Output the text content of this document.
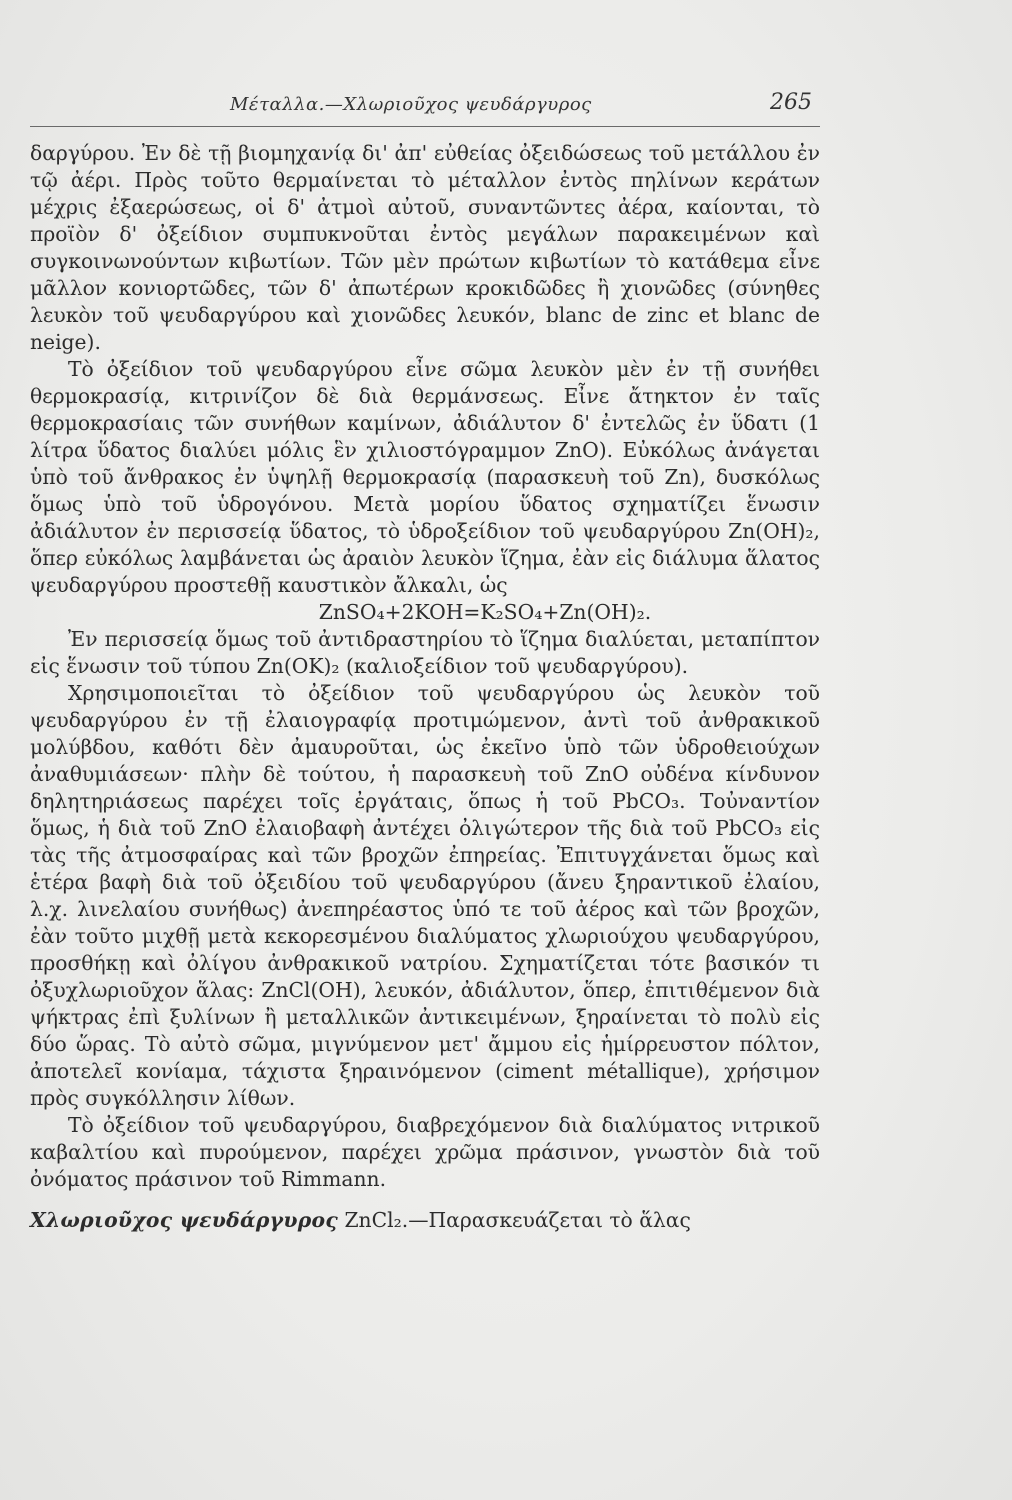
Μέταλλα.—Χλωριοῦχος ψευδάργυρος	265

δαργύρου. Ἐν δὲ τῇ βιομηχανίᾳ δι' ἀπ' εὐθείας ὀξειδώσεως τοῦ μετάλλου ἐν τῷ ἀέρι. Πρὸς τοῦτο θερμαίνεται τὸ μέταλλον ἐντὸς πηλίνων κεράτων μέχρις ἐξαερώσεως, οἱ δ' ἀτμοὶ αὐτοῦ, συναντῶντες ἀέρα, καίονται, τὸ προϊὸν δ' ὀξείδιον συμπυκνοῦται ἐντὸς μεγάλων παρακειμένων καὶ συγκοινωνούντων κιβωτίων. Τῶν μὲν πρώτων κιβωτίων τὸ κατάθεμα εἶνε μᾶλλον κονιορτῶδες, τῶν δ' ἀπωτέρων κροκιδῶδες ἢ χιονῶδες (σύνηθες λευκὸν τοῦ ψευδαργύρου καὶ χιονῶδες λευκόν, blanc de zinc et blanc de neige).

Τὸ ὀξείδιον τοῦ ψευδαργύρου εἶνε σῶμα λευκὸν μὲν ἐν τῇ συνήθει θερμοκρασίᾳ, κιτρινίζον δὲ διὰ θερμάνσεως. Εἶνε ἄτηκτον ἐν ταῖς θερμοκρασίαις τῶν συνήθων καμίνων, ἀδιάλυτον δ' ἐντελῶς ἐν ὕδατι (1 λίτρα ὕδατος διαλύει μόλις ἓν χιλιοστόγραμμον ZnO). Εὐκόλως ἀνάγεται ὑπὸ τοῦ ἄνθρακος ἐν ὑψηλῇ θερμοκρασίᾳ (παρασκευὴ τοῦ Zn), δυσκόλως ὅμως ὑπὸ τοῦ ὑδρογόνου. Μετὰ μορίου ὕδατος σχηματίζει ἕνωσιν ἀδιάλυτον ἐν περισσείᾳ ὕδατος, τὸ ὑδροξείδιον τοῦ ψευδαργύρου Zn(OH)₂, ὅπερ εὐκόλως λαμβάνεται ὡς ἀραιὸν λευκὸν ἵζημα, ἐὰν εἰς διάλυμα ἅλατος ψευδαργύρου προστεθῇ καυστικὸν ἄλκαλι, ὡς

ZnSO₄+2KOH=K₂SO₄+Zn(OH)₂.

Ἐν περισσείᾳ ὅμως τοῦ ἀντιδραστηρίου τὸ ἵζημα διαλύεται, μεταπίπτον εἰς ἕνωσιν τοῦ τύπου Zn(OK)₂ (καλιοξείδιον τοῦ ψευδαργύρου).

Χρησιμοποιεῖται τὸ ὀξείδιον τοῦ ψευδαργύρου ὡς λευκὸν τοῦ ψευδαργύρου ἐν τῇ ἐλαιογραφίᾳ προτιμώμενον, ἀντὶ τοῦ ἀνθρακικοῦ μολύβδου, καθότι δὲν ἀμαυροῦται, ὡς ἐκεῖνο ὑπὸ τῶν ὑδροθειούχων ἀναθυμιάσεων· πλὴν δὲ τούτου, ἡ παρασκευὴ τοῦ ZnO οὐδένα κίνδυνον δηλητηριάσεως παρέχει τοῖς ἐργάταις, ὅπως ἡ τοῦ PbCO₃. Τοὐναντίον ὅμως, ἡ διὰ τοῦ ZnO ἐλαιοβαφὴ ἀντέχει ὀλιγώτερον τῆς διὰ τοῦ PbCO₃ εἰς τὰς τῆς ἀτμοσφαίρας καὶ τῶν βροχῶν ἐπηρείας. Ἐπιτυγχάνεται ὅμως καὶ ἑτέρα βαφὴ διὰ τοῦ ὀξειδίου τοῦ ψευδαργύρου (ἄνευ ξηραντικοῦ ἐλαίου, λ.χ. λινελαίου συνήθως) ἀνεπηρέαστος ὑπό τε τοῦ ἀέρος καὶ τῶν βροχῶν, ἐὰν τοῦτο μιχθῇ μετὰ κεκορεσμένου διαλύματος χλωριούχου ψευδαργύρου, προσθήκῃ καὶ ὀλίγου ἀνθρακικοῦ νατρίου. Σχηματίζεται τότε βασικόν τι ὀξυχλωριοῦχον ἅλας: ZnCl(OH), λευκόν, ἀδιάλυτον, ὅπερ, ἐπιτιθέμενον διὰ ψήκτρας ἐπὶ ξυλίνων ἢ μεταλλικῶν ἀντικειμένων, ξηραίνεται τὸ πολὺ εἰς δύο ὥρας. Τὸ αὐτὸ σῶμα, μιγνύμενον μετ' ἄμμου εἰς ἡμίρρευστον πόλτον, ἀποτελεῖ κονίαμα, τάχιστα ξηραινόμενον (ciment métallique), χρήσιμον πρὸς συγκόλλησιν λίθων.

Τὸ ὀξείδιον τοῦ ψευδαργύρου, διαβρεχόμενον διὰ διαλύματος νιτρικοῦ καβαλτίου καὶ πυρούμενον, παρέχει χρῶμα πράσινον, γνωστὸν διὰ τοῦ ὀνόματος πράσινον τοῦ Rimmann.

Χλωριοῦχος ψευδάργυρος ZnCl₂.—Παρασκευάζεται τὸ ἅλας
